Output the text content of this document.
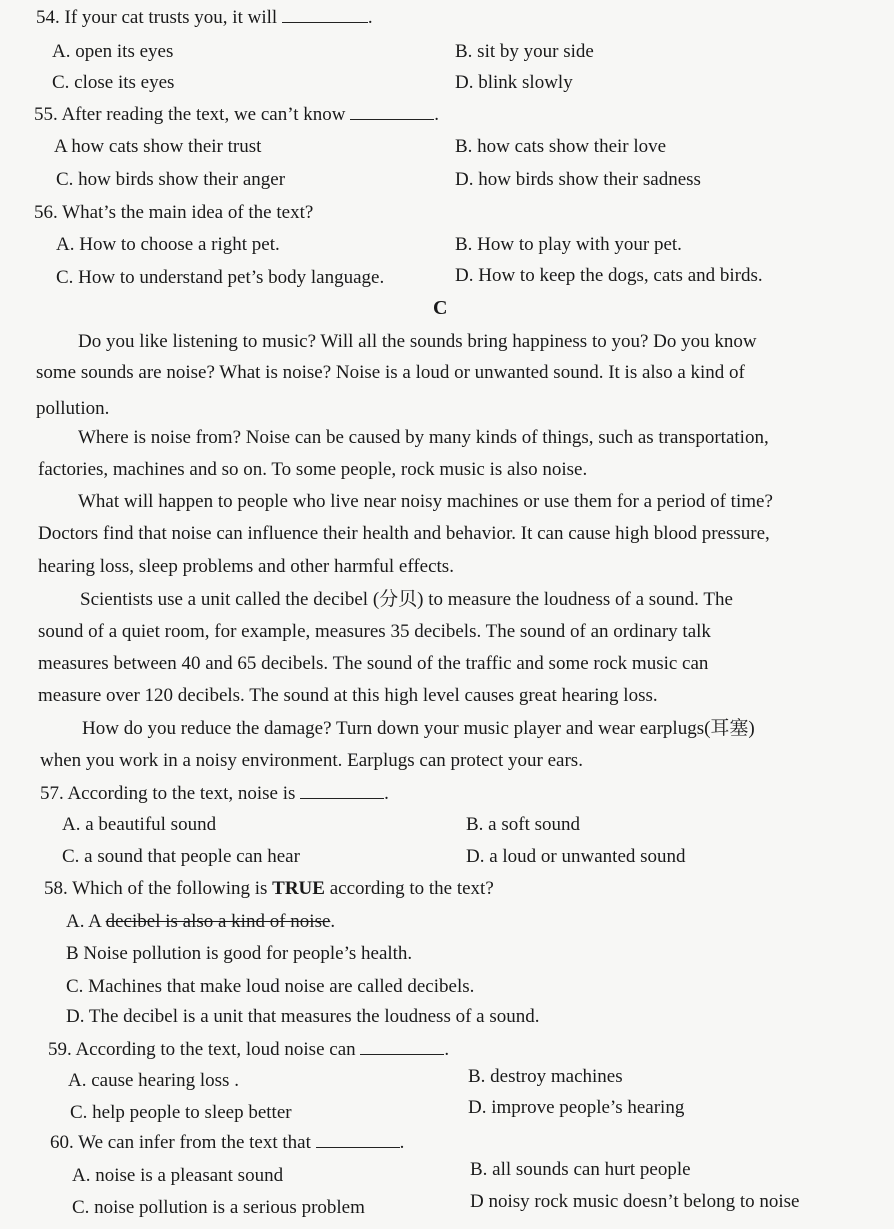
54. If your cat trusts you, it will	.
A. open its eyes	B. sit by your side
C. close its eyes	D. blink slowly
55. After reading the text, we can’t know	.
A how cats show their trust	B. how cats show their love
C. how birds show their anger	D. how birds show their sadness
56. What’s the main idea of the text?
A. How to choose a right pet.	B. How to play with your pet.
C. How to understand pet’s body language.	D. How to keep the dogs, cats and birds.
C
Do you like listening to music? Will all the sounds bring happiness to you? Do you know
some sounds are noise? What is noise? Noise is a loud or unwanted sound. It is also a kind of
pollution.
Where is noise from? Noise can be caused by many kinds of things, such as transportation,
factories, machines and so on. To some people, rock music is also noise.
What will happen to people who live near noisy machines or use them for a period of time?
Doctors find that noise can influence their health and behavior. It can cause high blood pressure,
hearing loss, sleep problems and other harmful effects.
Scientists use a unit called the decibel (分贝) to measure the loudness of a sound. The
sound of a quiet room, for example, measures 35 decibels. The sound of an ordinary talk
measures between 40 and 65 decibels. The sound of the traffic and some rock music can
measure over 120 decibels. The sound at this high level causes great hearing loss.
How do you reduce the damage? Turn down your music player and wear earplugs(耳塞)
when you work in a noisy environment. Earplugs can protect your ears.
57. According to the text, noise is	.
A. a beautiful sound	B. a soft sound
C. a sound that people can hear	D. a loud or unwanted sound
58. Which of the following is TRUE according to the text?
A. A decibel is also a kind of noise.
B Noise pollution is good for people’s health.
C. Machines that make loud noise are called decibels.
D. The decibel is a unit that measures the loudness of a sound.
59. According to the text, loud noise can	.
A. cause hearing loss .	B. destroy machines
C. help people to sleep better	D. improve people’s hearing
60. We can infer from the text that	.
A. noise is a pleasant sound	B. all sounds can hurt people
C. noise pollution is a serious problem	D noisy rock music doesn’t belong to noise
